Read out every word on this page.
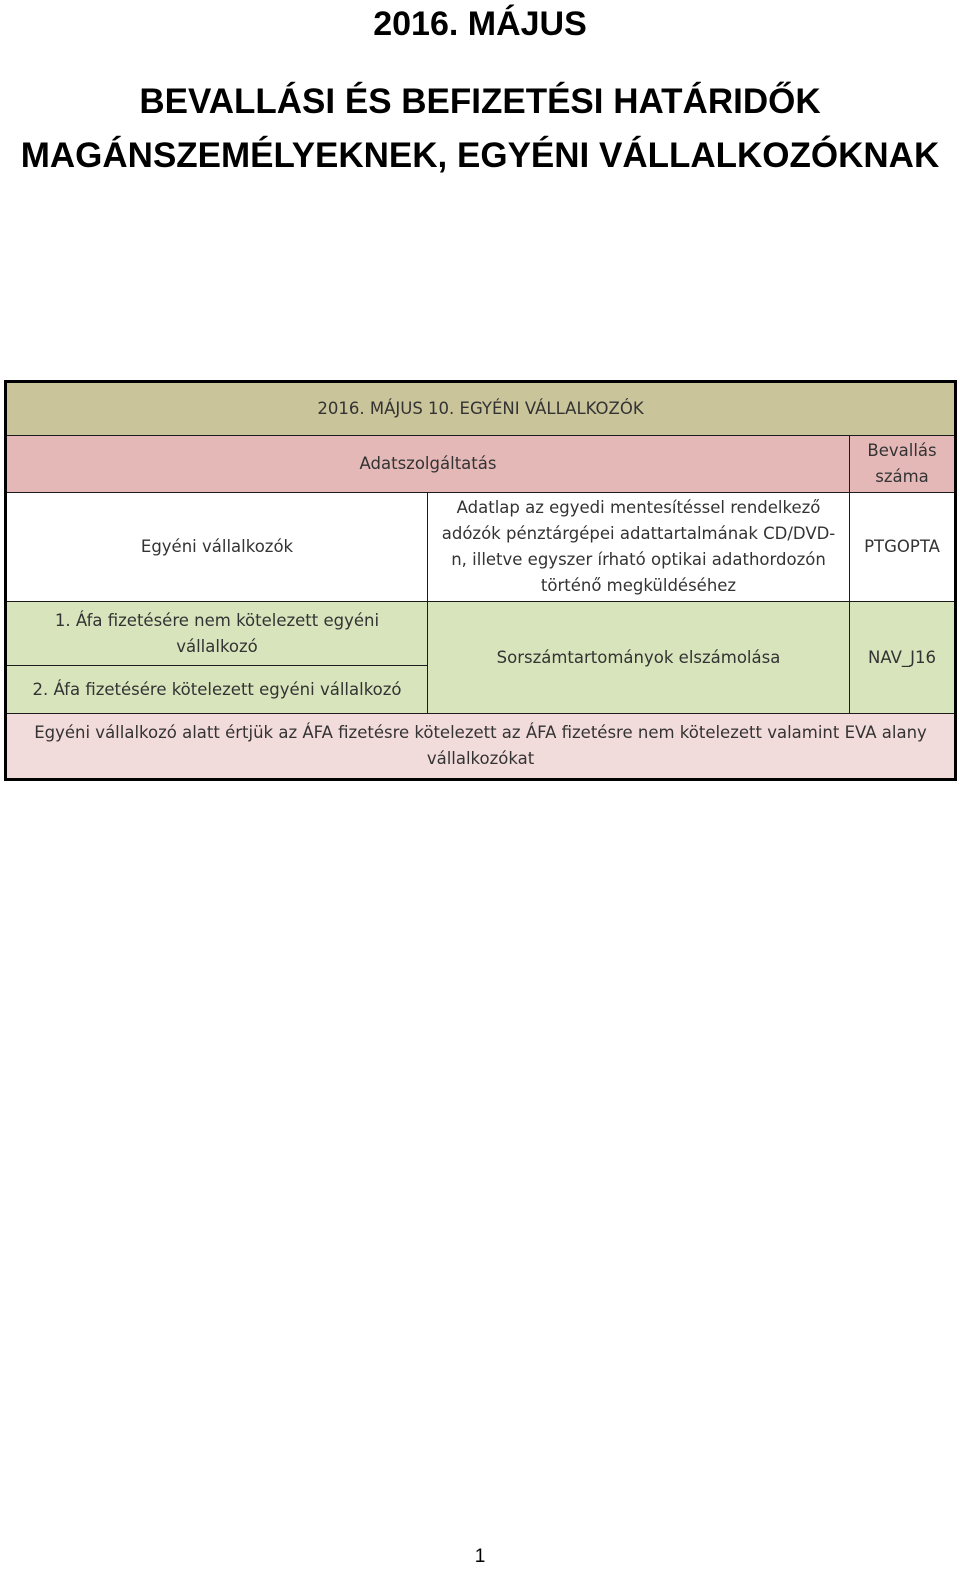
2016. MÁJUS
BEVALLÁSI ÉS BEFIZETÉSI HATÁRIDŐK
MAGÁNSZEMÉLYEKNEK, EGYÉNI VÁLLALKOZÓKNAK
2016. MÁJUS 10. EGYÉNI VÁLLALKOZÓK		
Adatszolgáltatás		Bevallás száma
Egyéni vállalkozók	Adatlap az egyedi mentesítéssel rendelkező adózók pénztárgépei adattartalmának CD/DVD-n, illetve egyszer írható optikai adathordozón történő megküldéséhez	PTGOPTA
1. Áfa fizetésére nem kötelezett egyéni vállalkozó	Sorszámtartományok elszámolása	NAV_J16
2. Áfa fizetésére kötelezett egyéni vállalkozó		
Egyéni vállalkozó alatt értjük az ÁFA fizetésre kötelezett az ÁFA fizetésre nem kötelezett valamint EVA alany vállalkozókat		
1
